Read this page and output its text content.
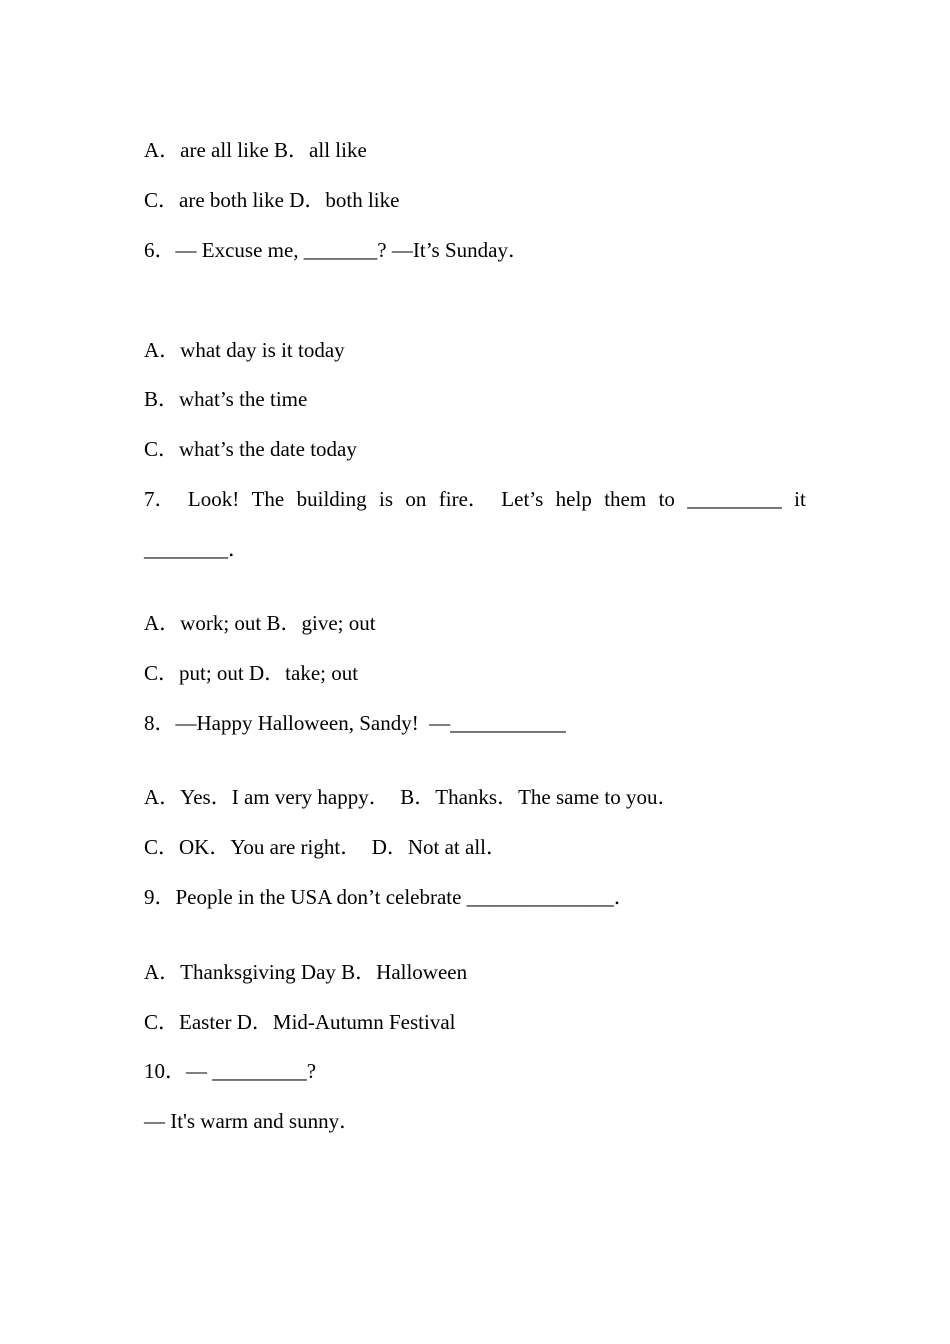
A．are all like B．all like
C．are both like D．both like
6．— Excuse me, _______? —It’s Sunday．
A．what day is it today
B．what’s the time
C．what’s the date today
7． Look! The building is on fire． Let’s help them to _________ it
________．
A．work; out B．give; out
C．put; out D．take; out
8．—Happy Halloween, Sandy!  —___________
A．Yes．I am very happy．  B．Thanks．The same to you．
C．OK．You are right．  D．Not at all．
9．People in the USA don’t celebrate ______________．
A．Thanksgiving Day B．Halloween
C．Easter D．Mid-Autumn Festival
10．— _________?
— It's warm and sunny．
